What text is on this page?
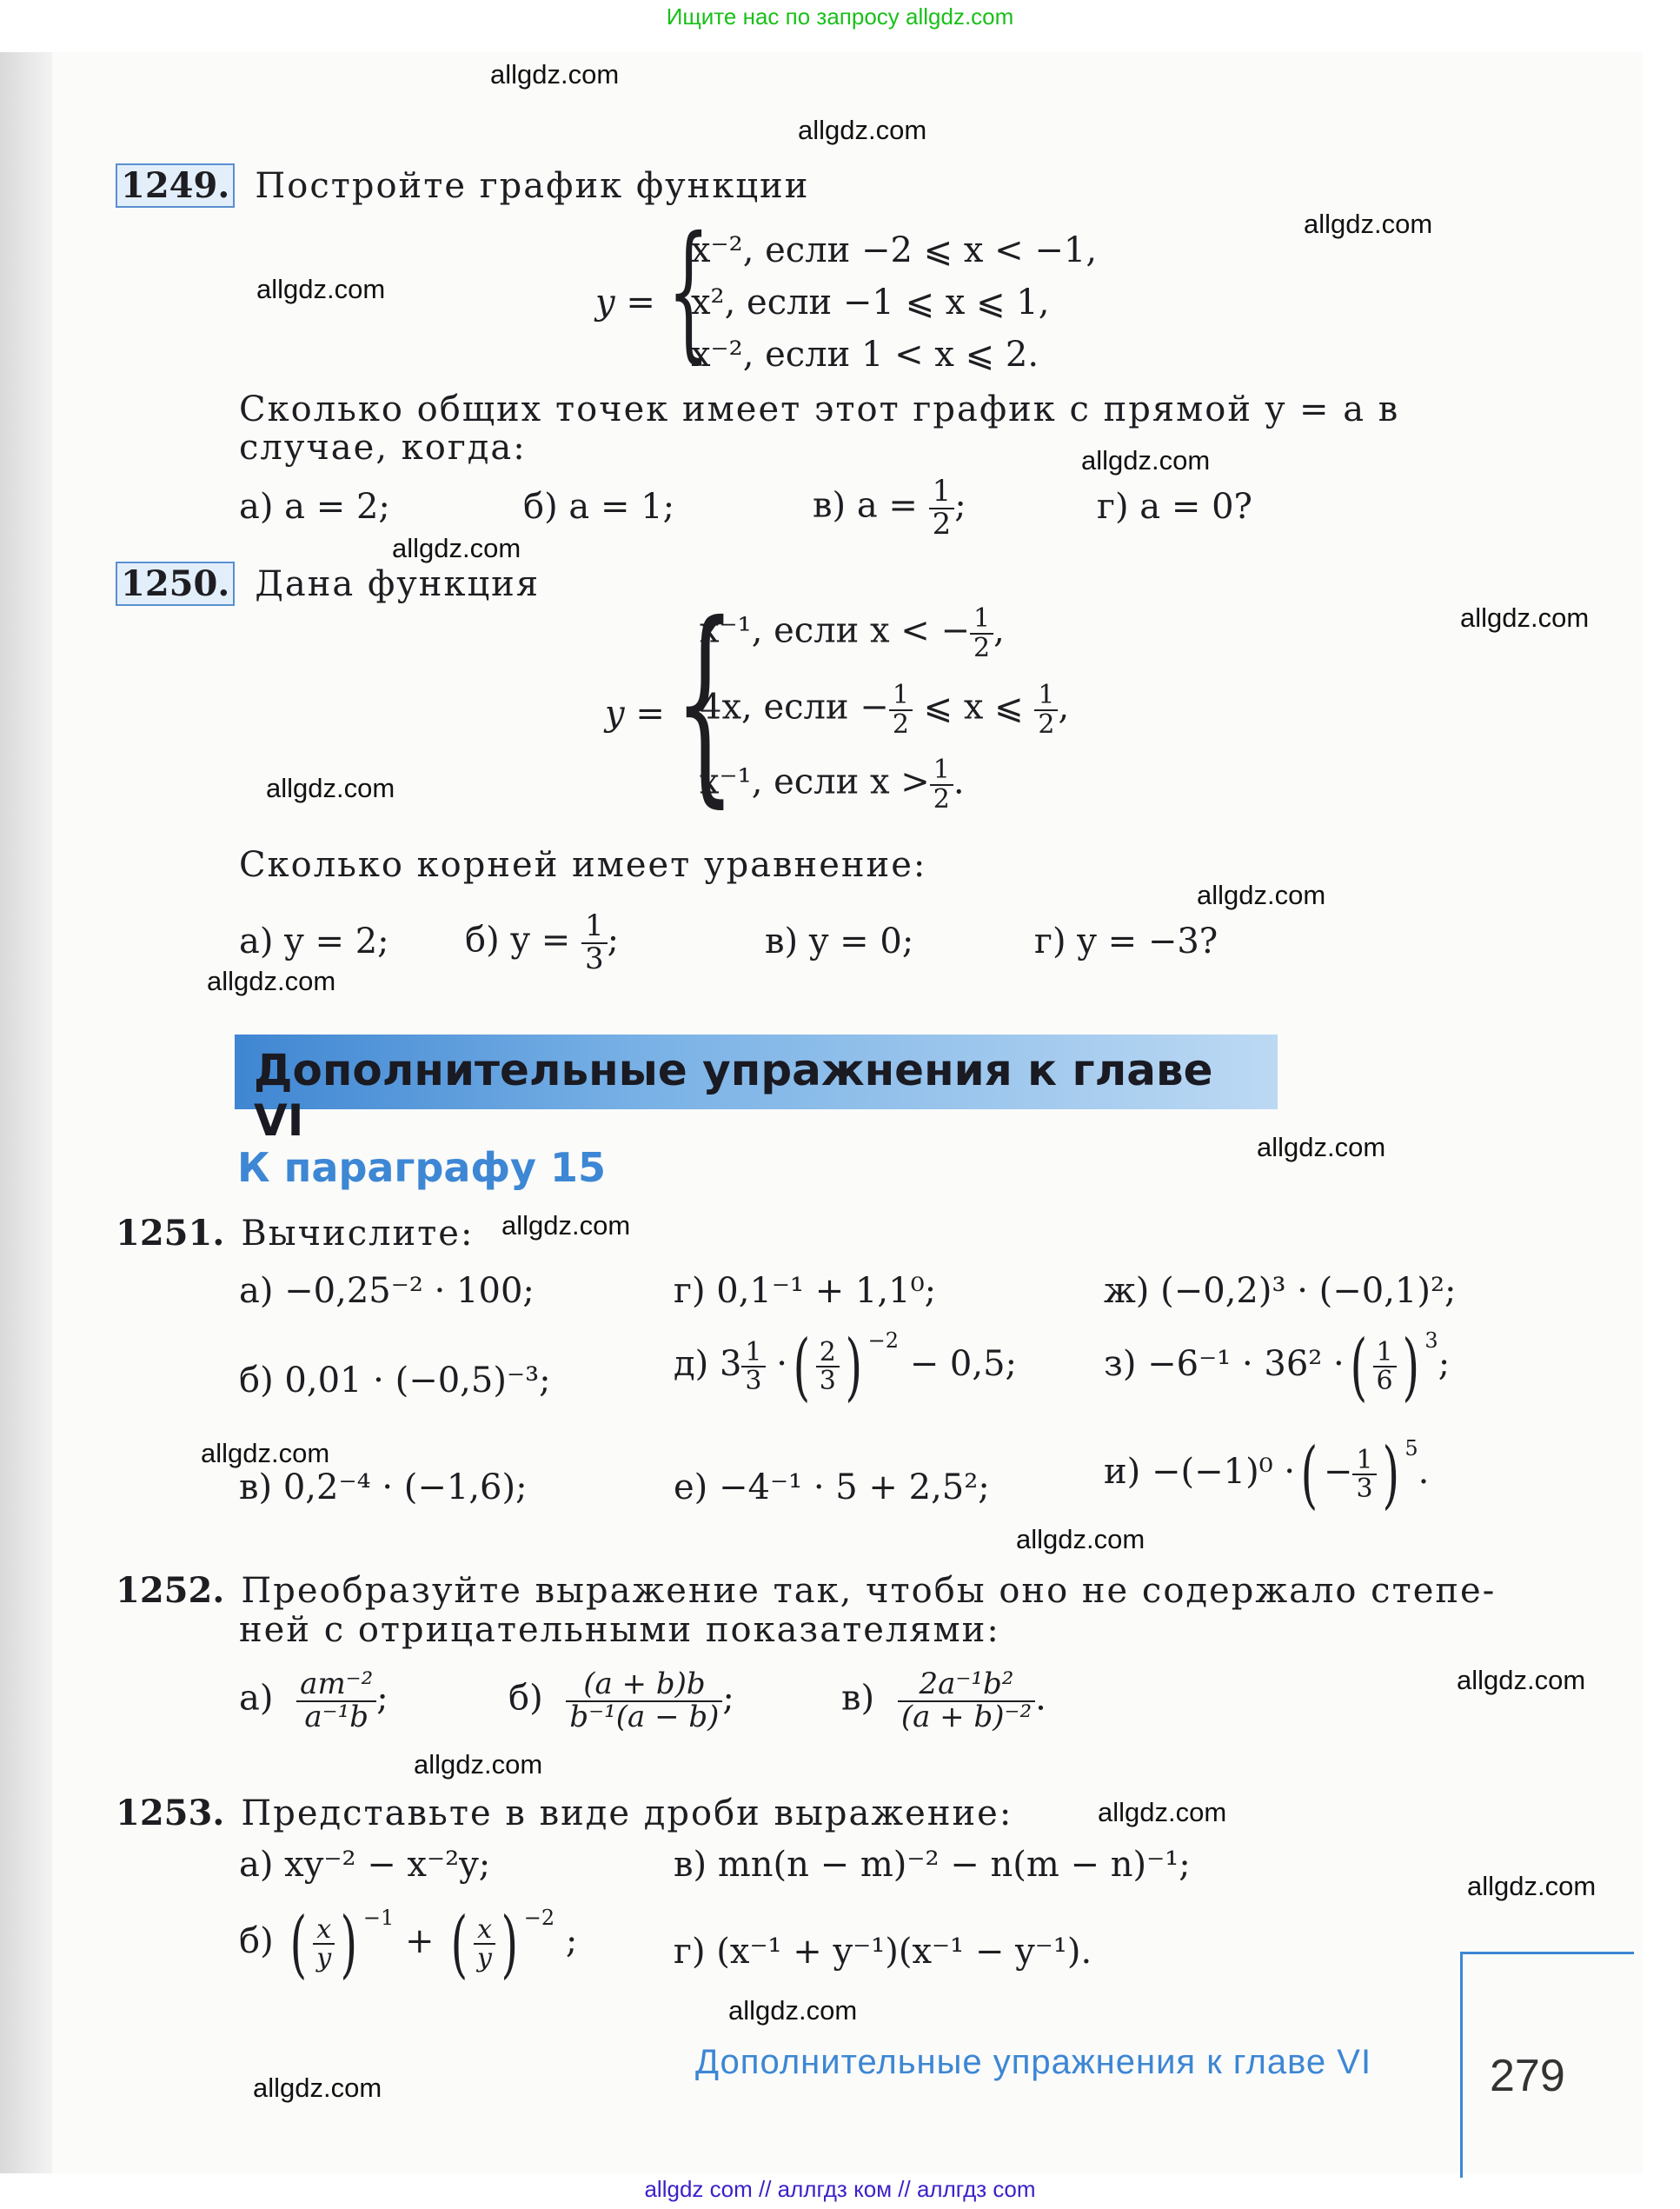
Ищите нас по запросу allgdz.com
allgdz.com
allgdz.com
allgdz.com
allgdz.com
allgdz.com
allgdz.com
allgdz.com
allgdz.com
allgdz.com
allgdz.com
allgdz.com
allgdz.com
allgdz.com
allgdz.com
allgdz.com
allgdz.com
allgdz.com
allgdz.com
allgdz.com
allgdz.com
1249. Постройте график функции
y = {
x⁻², если −2 ⩽ x < −1,
x², если −1 ⩽ x ⩽ 1,
x⁻², если 1 < x ⩽ 2.
Сколько общих точек имеет этот график с прямой y = a в
случае, когда:
а) a = 2;	б) a = 1;	в) $a = \frac{1}{2}$ ;	г) a = 0?
1250. Дана функция
y = {
x⁻¹, если x < − $\frac{1}{2}$ ,
4x, если − $\frac{1}{2}$ ⩽ x ⩽ $\frac{1}{2}$ ,
x⁻¹, если $x > \frac{1}{2}$ .
Сколько корней имеет уравнение:
а) y = 2; б) $y = \frac{1}{3}$ ;	в) y = 0;	г) y = −3?
Дополнительные упражнения к главе VI
К параграфу 15
1251. Вычислите:
а) −0,25⁻² · 100;	г) 0,1⁻¹ + 1,1⁰;	ж) (−0,2)³ · (−0,1)²;
б) 0,01 · (−0,5)⁻³;	д) $3 \frac{1}{3}$ ·( $\frac{2}{3}$ ) $^{-2}$ − 0,5; з) −6⁻¹ · 36² ·( $\frac{1}{6}$ ) $^3$;
в) 0,2⁻⁴ · (−1,6);	е) −4⁻¹ · 5 + 2,5²;	и) −(−1)⁰ ·( − $\frac{1}{3}$ ) $^5$.
1252. Преобразуйте выражение так, чтобы оно не содержало степе-
ней с отрицательными показателями:
$а) \frac{\text{am⁻²}}{\text{a⁻¹b}}$ ;	$б) \frac{(a + b)b}{\text{b⁻¹(a − b)}}$ ;	$в) \frac{\text{2a⁻¹b²}}{\text{(a + b)⁻²}}$ .
1253. Представьте в виде дроби выражение:
а) xy⁻² − x⁻²y;	в) mn(n − m)⁻² − n(m − n)⁻¹;
б) ( $\frac{x}{y}$ ) $^{-1}$ + ( $\frac{x}{y}$ ) $^{-2}$ ;	г) (x⁻¹ + y⁻¹)(x⁻¹ − y⁻¹).
Дополнительные упражнения к главе VI	279
allgdz com // аллгдз ком // аллгдз com
